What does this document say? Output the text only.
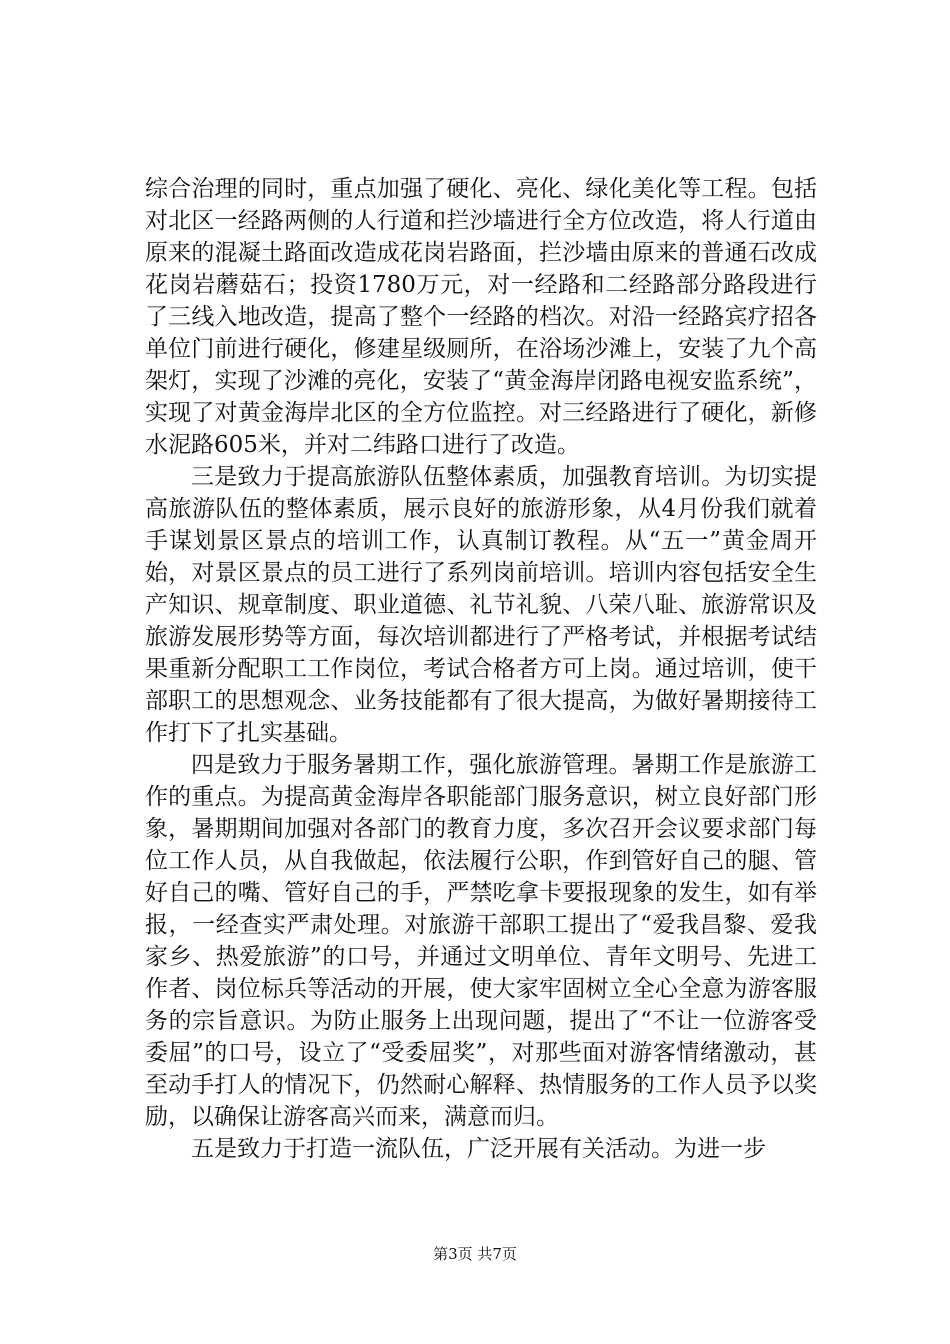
综合治理的同时，重点加强了硬化、亮化、绿化美化等工程。包括对北区一经路两侧的人行道和拦沙墙进行全方位改造，将人行道由原来的混凝土路面改造成花岗岩路面，拦沙墙由原来的普通石改成花岗岩蘑菇石；投资1780万元，对一经路和二经路部分路段进行了三线入地改造，提高了整个一经路的档次。对沿一经路宾疗招各单位门前进行硬化，修建星级厕所，在浴场沙滩上，安装了九个高架灯，实现了沙滩的亮化，安装了“黄金海岸闭路电视安监系统”，实现了对黄金海岸北区的全方位监控。对三经路进行了硬化，新修水泥路605米，并对二纬路口进行了改造。

三是致力于提高旅游队伍整体素质，加强教育培训。为切实提高旅游队伍的整体素质，展示良好的旅游形象，从4月份我们就着手谋划景区景点的培训工作，认真制订教程。从“五一”黄金周开始，对景区景点的员工进行了系列岗前培训。培训内容包括安全生产知识、规章制度、职业道德、礼节礼貌、八荣八耻、旅游常识及旅游发展形势等方面，每次培训都进行了严格考试，并根据考试结果重新分配职工工作岗位，考试合格者方可上岗。通过培训，使干部职工的思想观念、业务技能都有了很大提高，为做好暑期接待工作打下了扎实基础。

四是致力于服务暑期工作，强化旅游管理。暑期工作是旅游工作的重点。为提高黄金海岸各职能部门服务意识，树立良好部门形象，暑期期间加强对各部门的教育力度，多次召开会议要求部门每位工作人员，从自我做起，依法履行公职，作到管好自己的腿、管好自己的嘴、管好自己的手，严禁吃拿卡要报现象的发生，如有举报，一经查实严肃处理。对旅游干部职工提出了“爱我昌黎、爱我家乡、热爱旅游”的口号，并通过文明单位、青年文明号、先进工作者、岗位标兵等活动的开展，使大家牢固树立全心全意为游客服务的宗旨意识。为防止服务上出现问题，提出了“不让一位游客受委屈”的口号，设立了“受委屈奖”，对那些面对游客情绪激动，甚至动手打人的情况下，仍然耐心解释、热情服务的工作人员予以奖励，以确保让游客高兴而来，满意而归。

五是致力于打造一流队伍，广泛开展有关活动。为进一步

第3页 共7页
